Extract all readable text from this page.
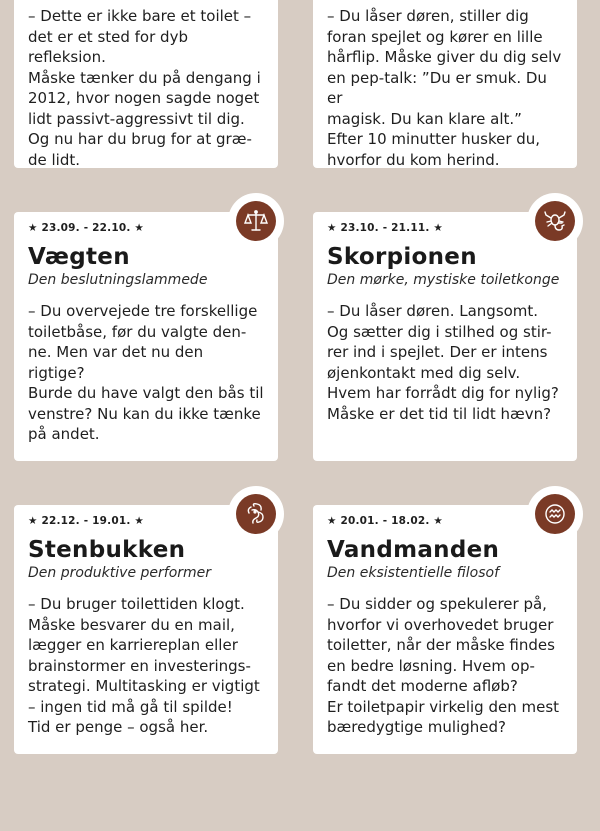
– Dette er ikke bare et toilet –
det er et sted for dyb refleksion.
Måske tænker du på dengang i
2012, hvor nogen sagde noget
lidt passivt-aggressivt til dig.
Og nu har du brug for at græ-
de lidt.
– Du låser døren, stiller dig
foran spejlet og kører en lille
hårflip. Måske giver du dig selv
en pep-talk: ”Du er smuk. Du er
magisk. Du kan klare alt.”
Efter 10 minutter husker du,
hvorfor du kom herind.
★ 23.09. - 22.10. ★
Vægten
Den beslutningslammede
– Du overvejede tre forskellige
toiletbåse, før du valgte den-
ne. Men var det nu den rigtige?
Burde du have valgt den bås til
venstre? Nu kan du ikke tænke
på andet.
★ 23.10. - 21.11. ★
Skorpionen
Den mørke, mystiske toiletkonge
– Du låser døren. Langsomt.
Og sætter dig i stilhed og stir-
rer ind i spejlet. Der er intens
øjenkontakt med dig selv.
Hvem har forrådt dig for nylig?
Måske er det tid til lidt hævn?
★ 22.12. - 19.01. ★
Stenbukken
Den produktive performer
– Du bruger toilettiden klogt.
Måske besvarer du en mail,
lægger en karriereplan eller
brainstormer en investerings-
strategi. Multitasking er vigtigt
– ingen tid må gå til spilde!
Tid er penge – også her.
★ 20.01. - 18.02. ★
Vandmanden
Den eksistentielle filosof
– Du sidder og spekulerer på,
hvorfor vi overhovedet bruger
toiletter, når der måske findes
en bedre løsning. Hvem op-
fandt det moderne afløb?
Er toiletpapir virkelig den mest
bæredygtige mulighed?
